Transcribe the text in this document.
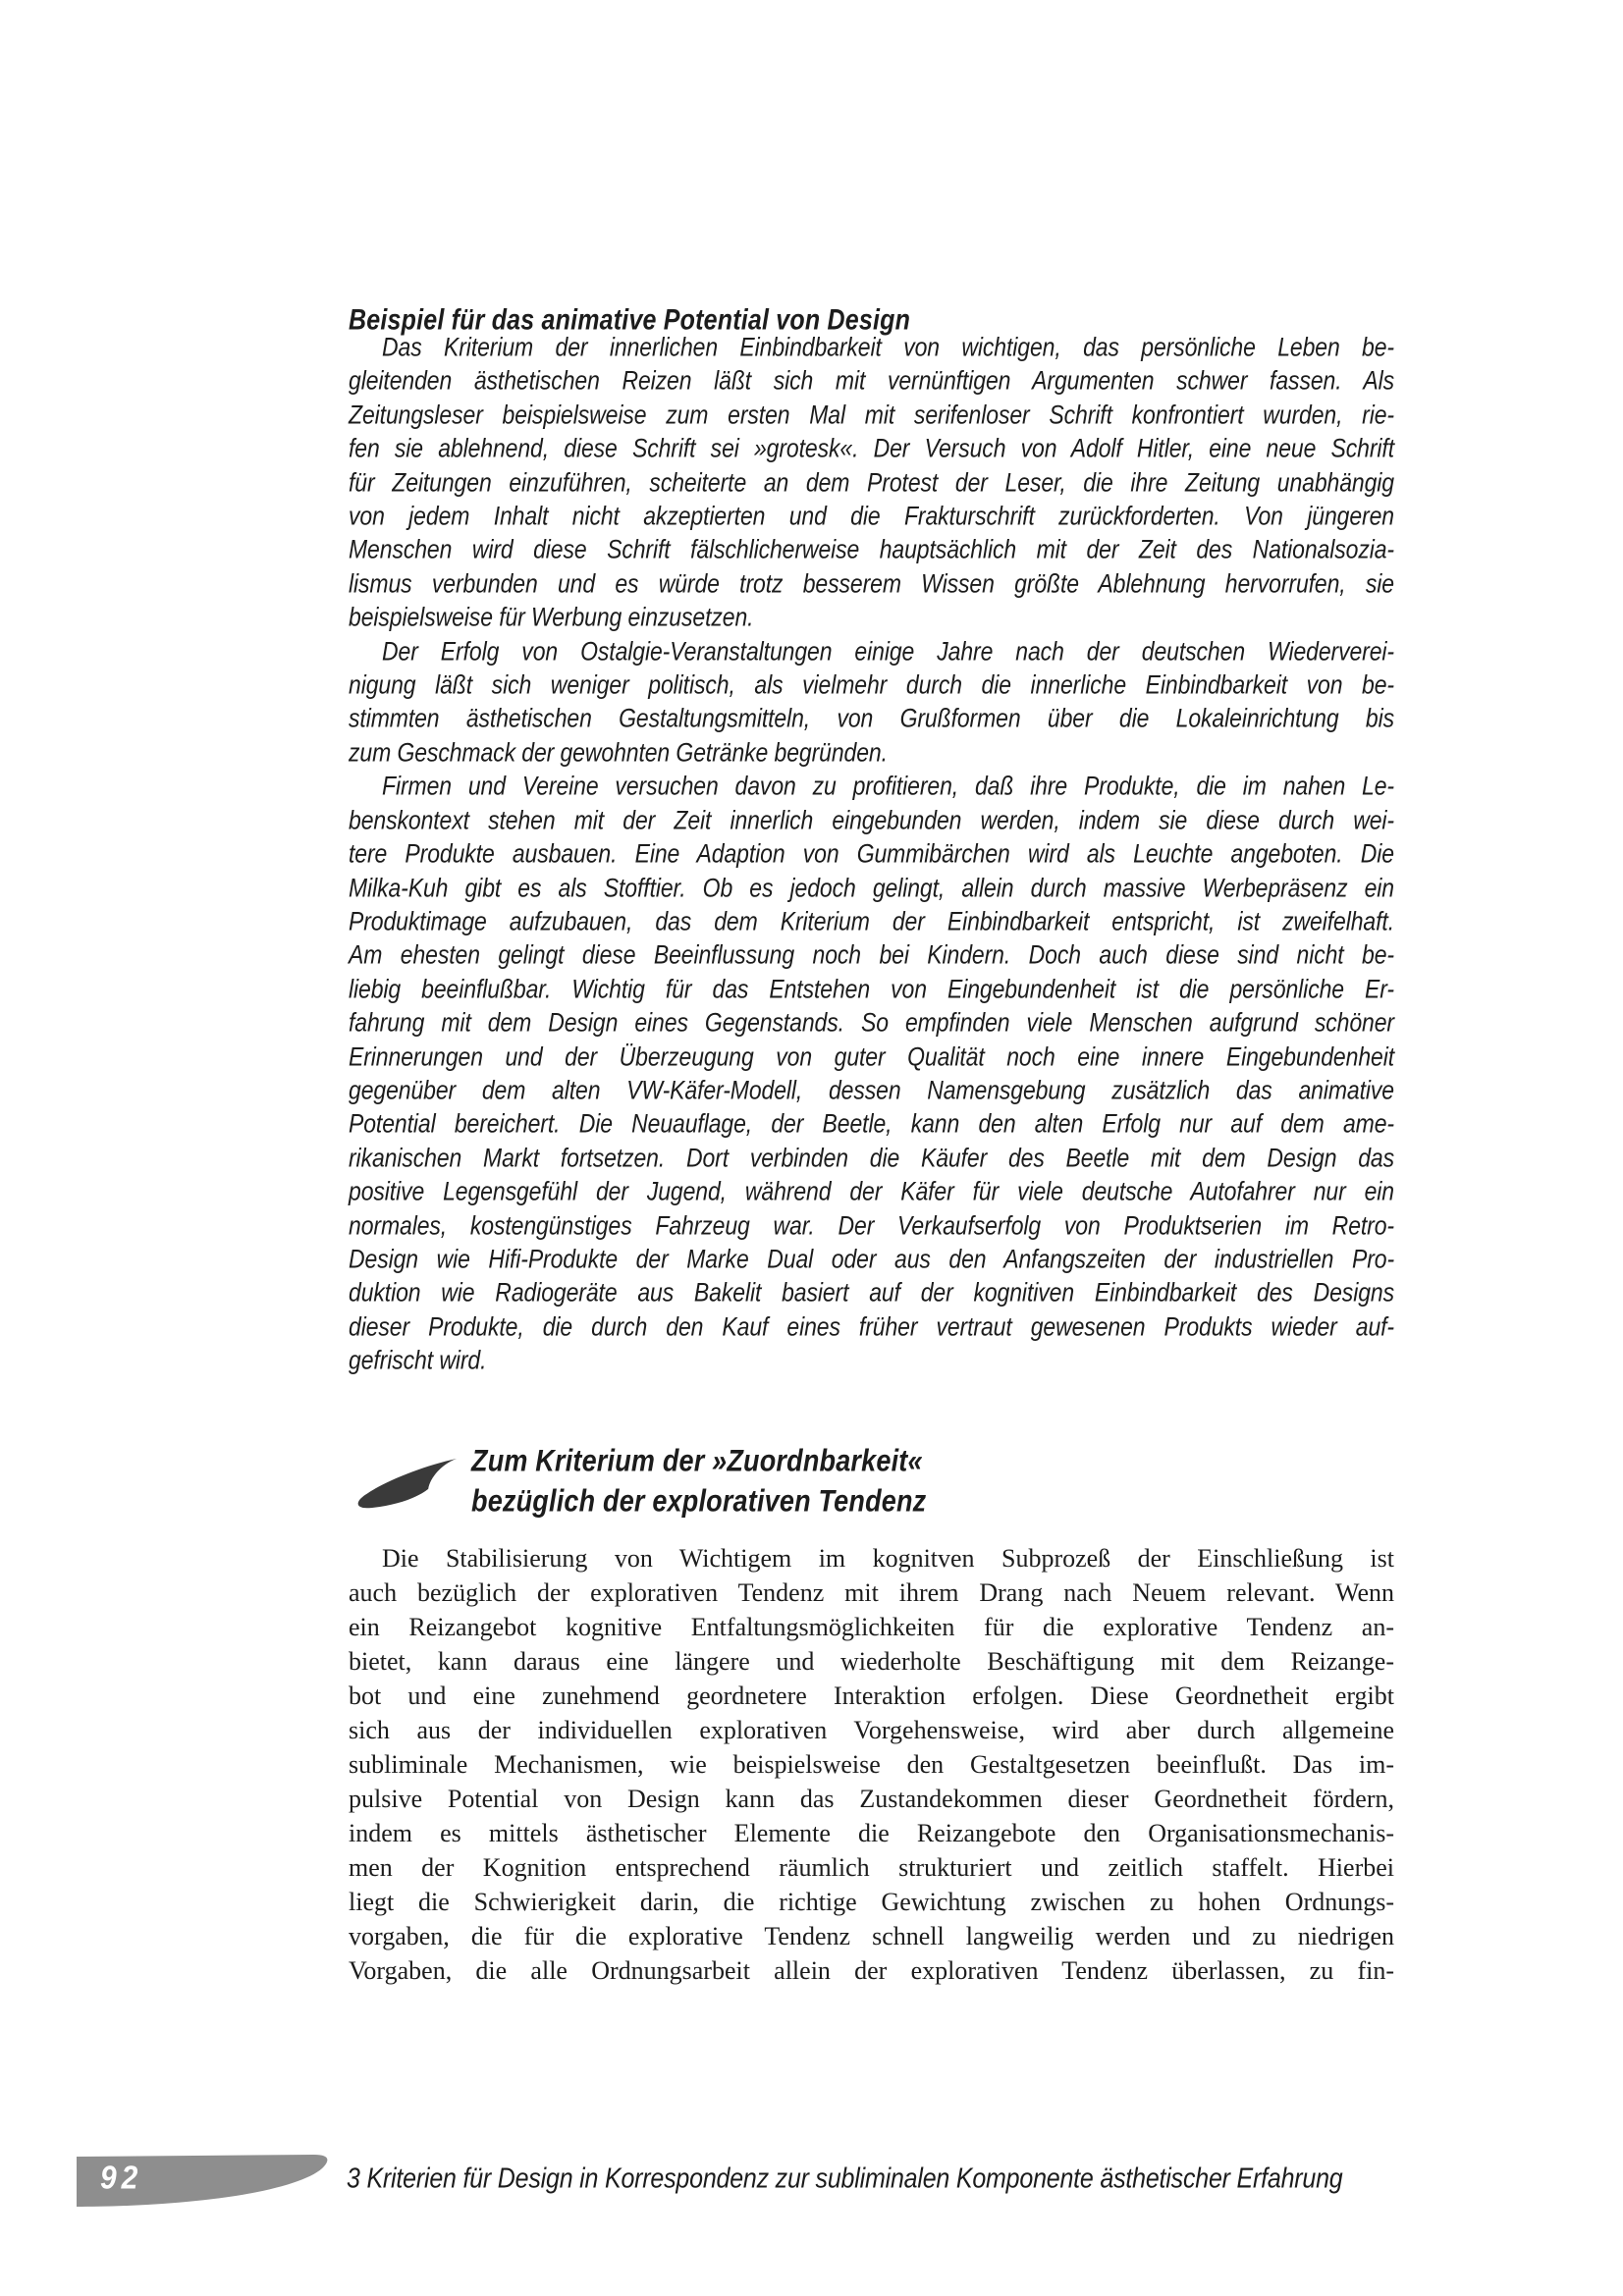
Beispiel für das animative Potential von Design
Das Kriterium der innerlichen Einbindbarkeit von wichtigen, das persönliche Leben be-
gleitenden ästhetischen Reizen läßt sich mit vernünftigen Argumenten schwer fassen. Als
Zeitungsleser beispielsweise zum ersten Mal mit serifenloser Schrift konfrontiert wurden, rie-
fen sie ablehnend, diese Schrift sei »grotesk«. Der Versuch von Adolf Hitler, eine neue Schrift
für Zeitungen einzuführen, scheiterte an dem Protest der Leser, die ihre Zeitung unabhängig
von jedem Inhalt nicht akzeptierten und die Frakturschrift zurückforderten. Von jüngeren
Menschen wird diese Schrift fälschlicherweise hauptsächlich mit der Zeit des Nationalsozia-
lismus verbunden und es würde trotz besserem Wissen größte Ablehnung hervorrufen, sie
beispielsweise für Werbung einzusetzen.
Der Erfolg von Ostalgie-Veranstaltungen einige Jahre nach der deutschen Wiederverei-
nigung läßt sich weniger politisch, als vielmehr durch die innerliche Einbindbarkeit von be-
stimmten ästhetischen Gestaltungsmitteln, von Grußformen über die Lokaleinrichtung bis
zum Geschmack der gewohnten Getränke begründen.
Firmen und Vereine versuchen davon zu profitieren, daß ihre Produkte, die im nahen Le-
benskontext stehen mit der Zeit innerlich eingebunden werden, indem sie diese durch wei-
tere Produkte ausbauen. Eine Adaption von Gummibärchen wird als Leuchte angeboten. Die
Milka-Kuh gibt es als Stofftier. Ob es jedoch gelingt, allein durch massive Werbepräsenz ein
Produktimage aufzubauen, das dem Kriterium der Einbindbarkeit entspricht, ist zweifelhaft.
Am ehesten gelingt diese Beeinflussung noch bei Kindern. Doch auch diese sind nicht be-
liebig beeinflußbar. Wichtig für das Entstehen von Eingebundenheit ist die persönliche Er-
fahrung mit dem Design eines Gegenstands. So empfinden viele Menschen aufgrund schöner
Erinnerungen und der Überzeugung von guter Qualität noch eine innere Eingebundenheit
gegenüber dem alten VW-Käfer-Modell, dessen Namensgebung zusätzlich das animative
Potential bereichert. Die Neuauflage, der Beetle, kann den alten Erfolg nur auf dem ame-
rikanischen Markt fortsetzen. Dort verbinden die Käufer des Beetle mit dem Design das
positive Legensgefühl der Jugend, während der Käfer für viele deutsche Autofahrer nur ein
normales, kostengünstiges Fahrzeug war. Der Verkaufserfolg von Produktserien im Retro-
Design wie Hifi-Produkte der Marke Dual oder aus den Anfangszeiten der industriellen Pro-
duktion wie Radiogeräte aus Bakelit basiert auf der kognitiven Einbindbarkeit des Designs
dieser Produkte, die durch den Kauf eines früher vertraut gewesenen Produkts wieder auf-
gefrischt wird.
Zum Kriterium der »Zuordnbarkeit«
bezüglich der explorativen Tendenz
Die Stabilisierung von Wichtigem im kognitven Subprozeß der Einschließung ist
auch bezüglich der explorativen Tendenz mit ihrem Drang nach Neuem relevant. Wenn
ein Reizangebot kognitive Entfaltungsmöglichkeiten für die explorative Tendenz an-
bietet, kann daraus eine längere und wiederholte Beschäftigung mit dem Reizange-
bot und eine zunehmend geordnetere Interaktion erfolgen. Diese Geordnetheit ergibt
sich aus der individuellen explorativen Vorgehensweise, wird aber durch allgemeine
subliminale Mechanismen, wie beispielsweise den Gestaltgesetzen beeinflußt. Das im-
pulsive Potential von Design kann das Zustandekommen dieser Geordnetheit fördern,
indem es mittels ästhetischer Elemente die Reizangebote den Organisationsmechanis-
men der Kognition entsprechend räumlich strukturiert und zeitlich staffelt. Hierbei
liegt die Schwierigkeit darin, die richtige Gewichtung zwischen zu hohen Ordnungs-
vorgaben, die für die explorative Tendenz schnell langweilig werden und zu niedrigen
Vorgaben, die alle Ordnungsarbeit allein der explorativen Tendenz überlassen, zu fin-
92	3 Kriterien für Design in Korrespondenz zur subliminalen Komponente ästhetischer Erfahrung
